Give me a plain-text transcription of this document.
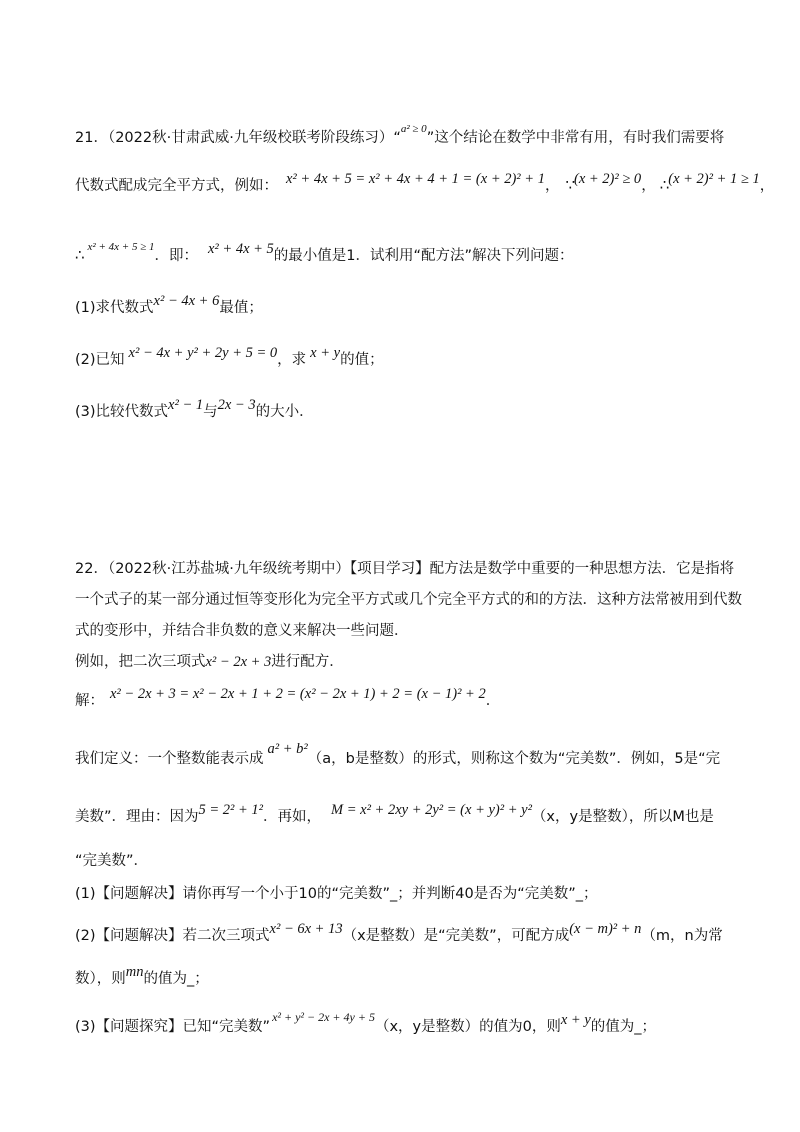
21．（2022秋·甘肃武威·九年级校联考阶段练习）“$^{a^2 \ge 0}$”这个结论在数学中非常有用，有时我们需要将
代数式配成完全平方式，例如： x² + 4x + 5 = x² + 4x + 4 + 1 = (x + 2)² + 1， ∵(x + 2)² ≥ 0， ∴(x + 2)² + 1 ≥ 1，
∴ $^{x^2 + 4x + 5 \ge 1}$．即： x² + 4x + 5的最小值是1．试利用“配方法”解决下列问题：
(1)求代数式x² − 4x + 6最值；
(2)已知 x² − 4x + y² + 2y + 5 = 0，求 x + y的值；
(3)比较代数式x² − 1与2x − 3的大小．
22．（2022秋·江苏盐城·九年级统考期中）【项目学习】配方法是数学中重要的一种思想方法．它是指将
一个式子的某一部分通过恒等变形化为完全平方式或几个完全平方式的和的方法．这种方法常被用到代数
式的变形中，并结合非负数的意义来解决一些问题．
例如，把二次三项式x² − 2x + 3进行配方．
解： x² − 2x + 3 = x² − 2x + 1 + 2 = (x² − 2x + 1) + 2 = (x − 1)² + 2．
我们定义：一个整数能表示成a² + b²（a，b是整数）的形式，则称这个数为“完美数”．例如，5是“完
美数”．理由：因为5 = 2² + 1²．再如， M = x² + 2xy + 2y² = (x + y)² + y²（x，y是整数），所以M也是
“完美数”．
(1)【问题解决】请你再写一个小于10的“完美数”_；并判断40是否为“完美数”_；
(2)【问题解决】若二次三项式x² − 6x + 13（x是整数）是“完美数”，可配方成(x − m)² + n（m，n为常
数），则mn的值为_；
(3)【问题探究】已知“完美数”$^{x^2 + y^2 - 2x + 4y + 5}$（x，y是整数）的值为0，则x + y的值为_；
